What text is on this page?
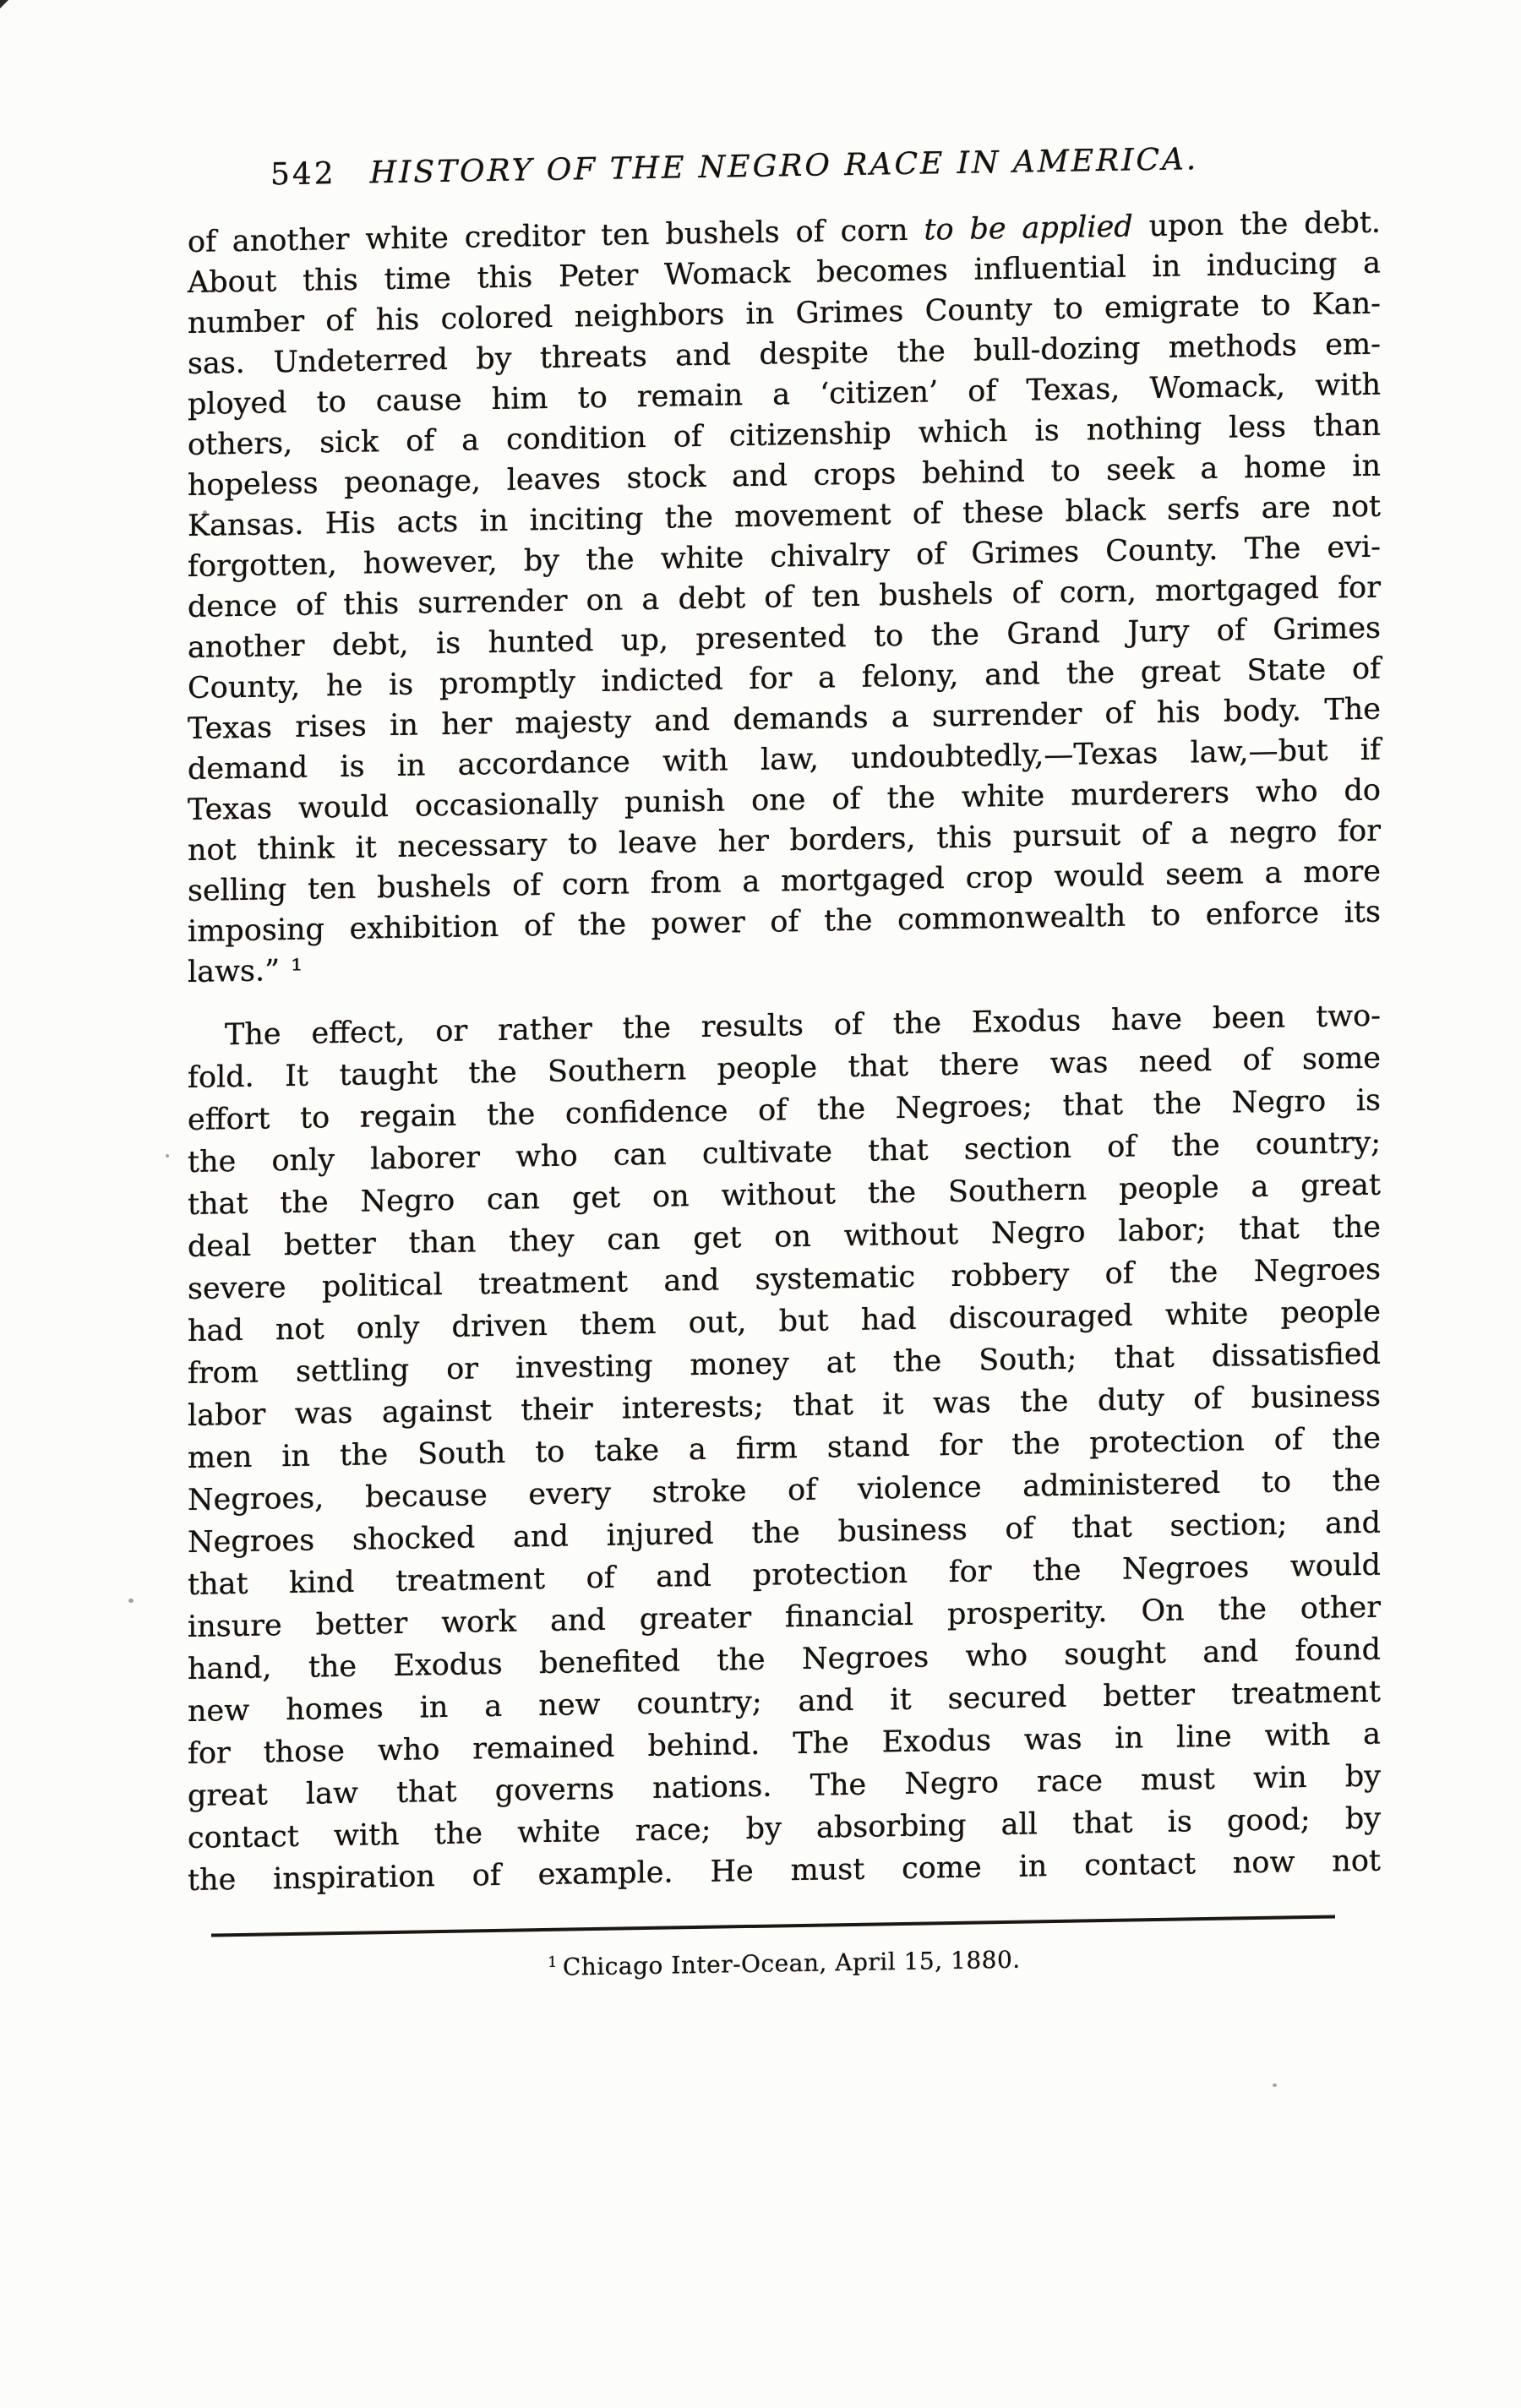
542 HISTORY OF THE NEGRO RACE IN AMERICA.
of another white creditor ten bushels of corn to be applied upon the debt.
About this time this Peter Womack becomes influential in inducing a
number of his colored neighbors in Grimes County to emigrate to Kan-
sas. Undeterred by threats and despite the bull-dozing methods em-
ployed to cause him to remain a ‘citizen’ of Texas, Womack, with
others, sick of a condition of citizenship which is nothing less than
hopeless peonage, leaves stock and crops behind to seek a home in
Kansas. His acts in inciting the movement of these black serfs are not
forgotten, however, by the white chivalry of Grimes County. The evi-
dence of this surrender on a debt of ten bushels of corn, mortgaged for
another debt, is hunted up, presented to the Grand Jury of Grimes
County, he is promptly indicted for a felony, and the great State of
Texas rises in her majesty and demands a surrender of his body. The
demand is in accordance with law, undoubtedly,—Texas law,—but if
Texas would occasionally punish one of the white murderers who do
not think it necessary to leave her borders, this pursuit of a negro for
selling ten bushels of corn from a mortgaged crop would seem a more
imposing exhibition of the power of the commonwealth to enforce its
laws.” ¹
The effect, or rather the results of the Exodus have been two-
fold. It taught the Southern people that there was need of some
effort to regain the confidence of the Negroes; that the Negro is
the only laborer who can cultivate that section of the country;
that the Negro can get on without the Southern people a great
deal better than they can get on without Negro labor; that the
severe political treatment and systematic robbery of the Negroes
had not only driven them out, but had discouraged white people
from settling or investing money at the South; that dissatisfied
labor was against their interests; that it was the duty of business
men in the South to take a firm stand for the protection of the
Negroes, because every stroke of violence administered to the
Negroes shocked and injured the business of that section; and
that kind treatment of and protection for the Negroes would
insure better work and greater financial prosperity. On the other
hand, the Exodus benefited the Negroes who sought and found
new homes in a new country; and it secured better treatment
for those who remained behind. The Exodus was in line with a
great law that governs nations. The Negro race must win by
contact with the white race; by absorbing all that is good; by
the inspiration of example. He must come in contact now not
$^1$ Chicago Inter-Ocean, April 15, 1880.
